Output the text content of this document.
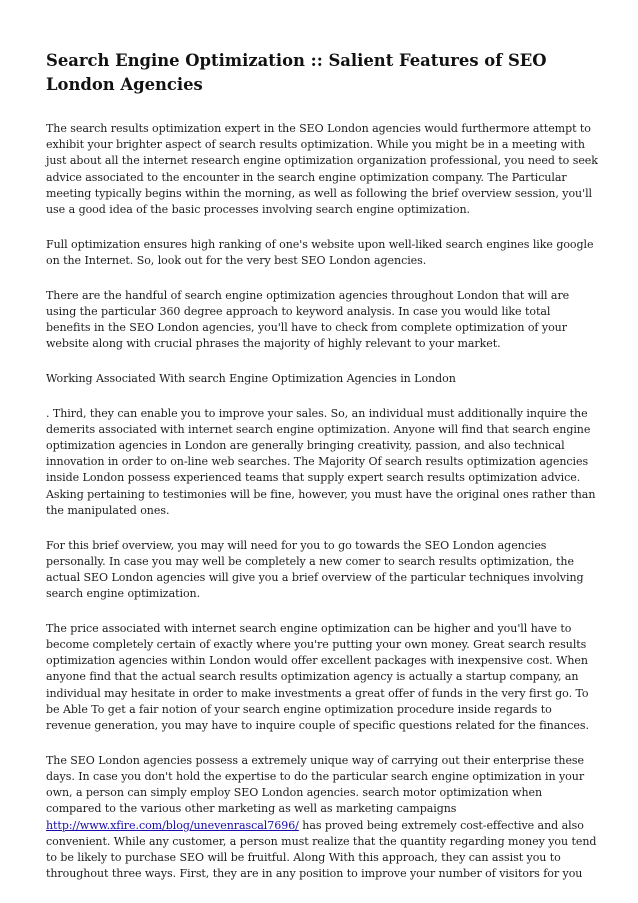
Search Engine Optimization :: Salient Features of SEO London Agencies

The search results optimization expert in the SEO London agencies would furthermore attempt to exhibit your brighter aspect of search results optimization. While you might be in a meeting with just about all the internet research engine optimization organization professional, you need to seek advice associated to the encounter in the search engine optimization company. The Particular meeting typically begins within the morning, as well as following the brief overview session, you'll use a good idea of the basic processes involving search engine optimization.

Full optimization ensures high ranking of one's website upon well-liked search engines like google on the Internet. So, look out for the very best SEO London agencies.

There are the handful of search engine optimization agencies throughout London that will are using the particular 360 degree approach to keyword analysis. In case you would like total benefits in the SEO London agencies, you'll have to check from complete optimization of your website along with crucial phrases the majority of highly relevant to your market.

Working Associated With search Engine Optimization Agencies in London

. Third, they can enable you to improve your sales. So, an individual must additionally inquire the demerits associated with internet search engine optimization. Anyone will find that search engine optimization agencies in London are generally bringing creativity, passion, and also technical innovation in order to on-line web searches. The Majority Of search results optimization agencies inside London possess experienced teams that supply expert search results optimization advice. Asking pertaining to testimonies will be fine, however, you must have the original ones rather than the manipulated ones.

For this brief overview, you may will need for you to go towards the SEO London agencies personally. In case you may well be completely a new comer to search results optimization, the actual SEO London agencies will give you a brief overview of the particular techniques involving search engine optimization.

The price associated with internet search engine optimization can be higher and you'll have to become completely certain of exactly where you're putting your own money. Great search results optimization agencies within London would offer excellent packages with inexpensive cost. When anyone find that the actual search results optimization agency is actually a startup company, an individual may hesitate in order to make investments a great offer of funds in the very first go. To be Able To get a fair notion of your search engine optimization procedure inside regards to revenue generation, you may have to inquire couple of specific questions related for the finances.

The SEO London agencies possess a extremely unique way of carrying out their enterprise these days. In case you don't hold the expertise to do the particular search engine optimization in your own, a person can simply employ SEO London agencies. search motor optimization when compared to the various other marketing as well as marketing campaigns http://www.xfire.com/blog/unevenrascal7696/ has proved being extremely cost-effective and also convenient. While any customer, a person must realize that the quantity regarding money you tend to be likely to purchase SEO will be fruitful. Along With this approach, they can assist you to throughout three ways. First, they are in any position to improve your number of visitors for you
